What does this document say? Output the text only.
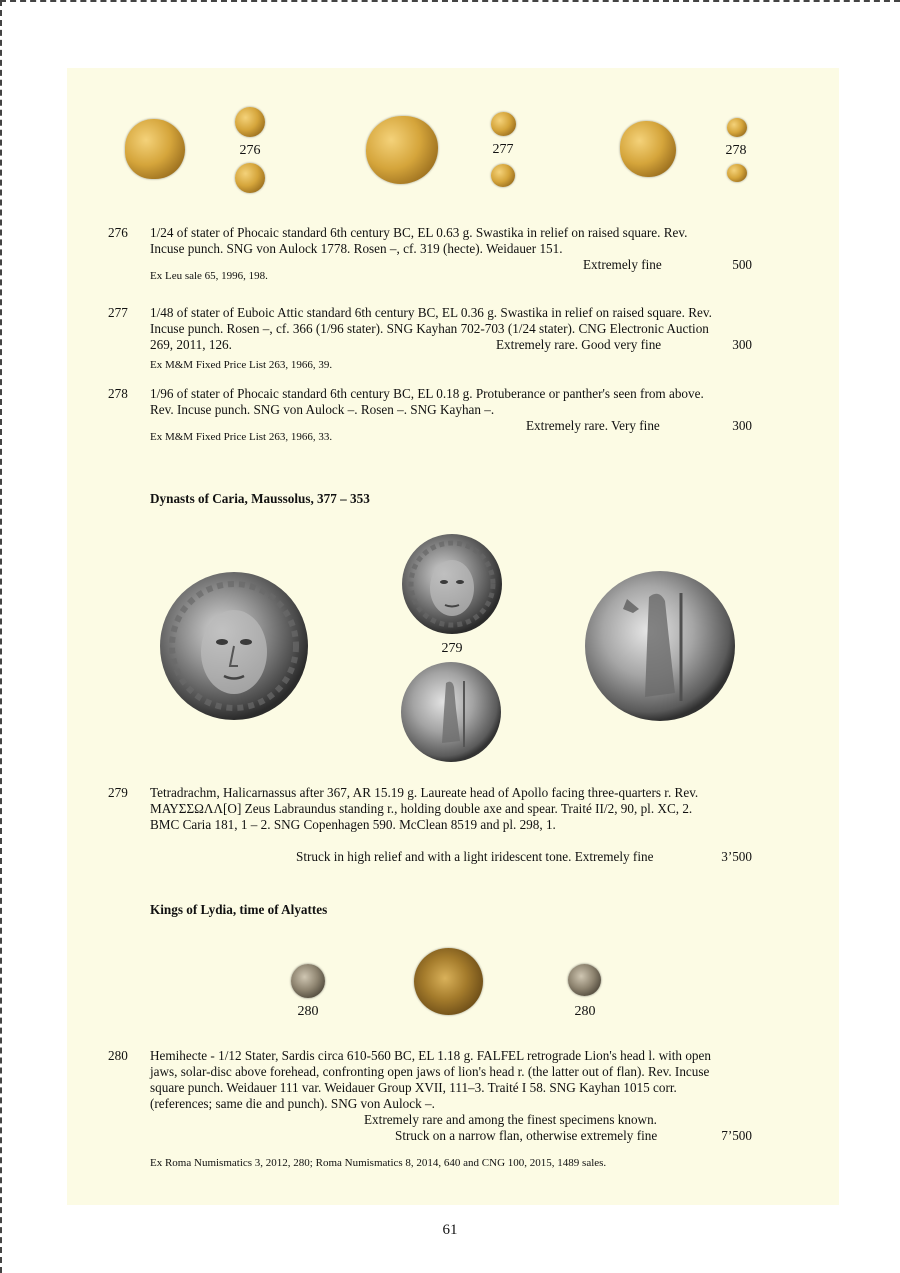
276	277	278
276 1/24 of stater of Phocaic standard 6th century BC, EL 0.63 g. Swastika in relief on raised square. Rev.
Incuse punch. SNG von Aulock 1778. Rosen –, cf. 319 (hecte). Weidauer 151.
Extremely fine	500
Ex Leu sale 65, 1996, 198.
277 1/48 of stater of Euboic Attic standard 6th century BC, EL 0.36 g. Swastika in relief on raised square. Rev.
Incuse punch. Rosen –, cf. 366 (1/96 stater). SNG Kayhan 702-703 (1/24 stater). CNG Electronic Auction
269, 2011, 126.	Extremely rare. Good very fine	300
Ex M&M Fixed Price List 263, 1966, 39.
278 1/96 of stater of Phocaic standard 6th century BC, EL 0.18 g. Protuberance or panther's seen from above.
Rev. Incuse punch. SNG von Aulock –. Rosen –. SNG Kayhan –.
Extremely rare. Very fine	300
Ex M&M Fixed Price List 263, 1966, 33.
Dynasts of Caria, Maussolus, 377 – 353
279
279 Tetradrachm, Halicarnassus after 367, AR 15.19 g. Laureate head of Apollo facing three-quarters r. Rev.
ΜΑΥΣΣΩΛΛ[Ο] Zeus Labraundus standing r., holding double axe and spear. Traité II/2, 90, pl. XC, 2.
BMC Caria 181, 1 – 2. SNG Copenhagen 590. McClean 8519 and pl. 298, 1.
Struck in high relief and with a light iridescent tone. Extremely fine	3’500
Kings of Lydia, time of Alyattes
280	280
280 Hemihecte - 1/12 Stater, Sardis circa 610-560 BC, EL 1.18 g. FALFEL retrograde Lion's head l. with open
jaws, solar-disc above forehead, confronting open jaws of lion's head r. (the latter out of flan). Rev. Incuse
square punch. Weidauer 111 var. Weidauer Group XVII, 111–3. Traité I 58. SNG Kayhan 1015 corr.
(references; same die and punch). SNG von Aulock –.
Extremely rare and among the finest specimens known.
Struck on a narrow flan, otherwise extremely fine	7’500
Ex Roma Numismatics 3, 2012, 280; Roma Numismatics 8, 2014, 640 and CNG 100, 2015, 1489 sales.
61
